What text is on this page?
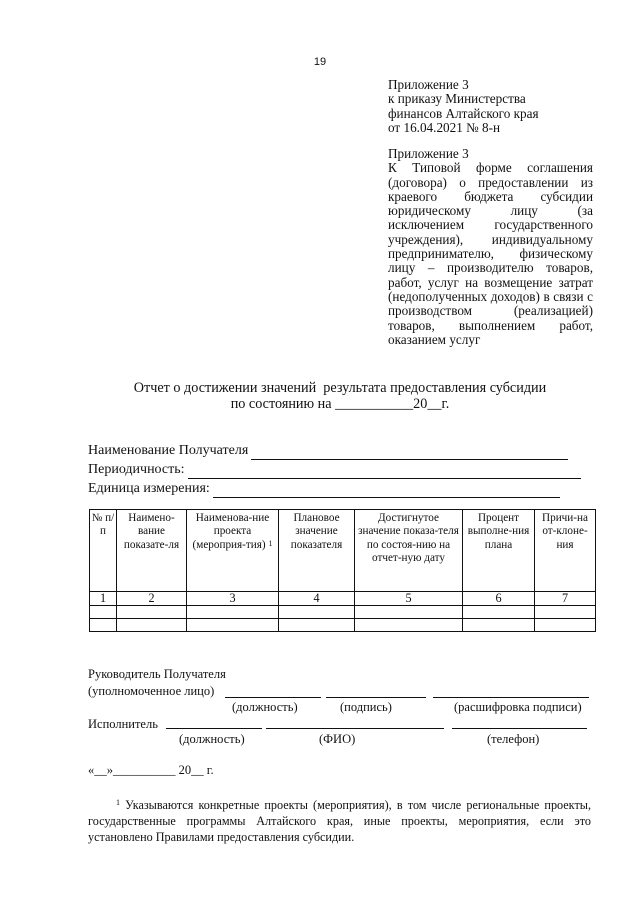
19
Приложение 3
к приказу Министерства
финансов Алтайского края
от 16.04.2021 № 8-н
Приложение 3
К Типовой форме соглашения (договора) о предоставлении из краевого бюджета субсидии юридическому лицу (за исключением государственного учреждения), индивидуальному предпринимателю, физическому лицу – производителю товаров, работ, услуг на возмещение затрат (недополученных доходов) в связи с производством (реализацией) товаров, выполнением работ, оказанием услуг
Отчет о достижении значений  результата предоставления субсидии
по состоянию на ___________20__г.
Наименование Получателя
Периодичность:
Единица измерения:
№ п/п	Наимено-вание показате-ля	Наименова-ние проекта (мероприя-тия) $^1$	Плановое значение показателя	Достигнутое значение показа-теля по состоя-нию на отчет-ную дату	Процент выполне-ния плана	Причи-на от-клоне-ния
1	2	3	4	5	6	7

Руководитель Получателя
(уполномоченное лицо)
(должность)	(подпись)	(расшифровка подписи)
Исполнитель
(должность)	(ФИО)	(телефон)
«__»__________ 20__ г.
$^1$ Указываются конкретные проекты (мероприятия), в том числе региональные проекты, государственные программы Алтайского края, иные проекты, мероприятия, если это установлено Правилами предоставления субсидии.
